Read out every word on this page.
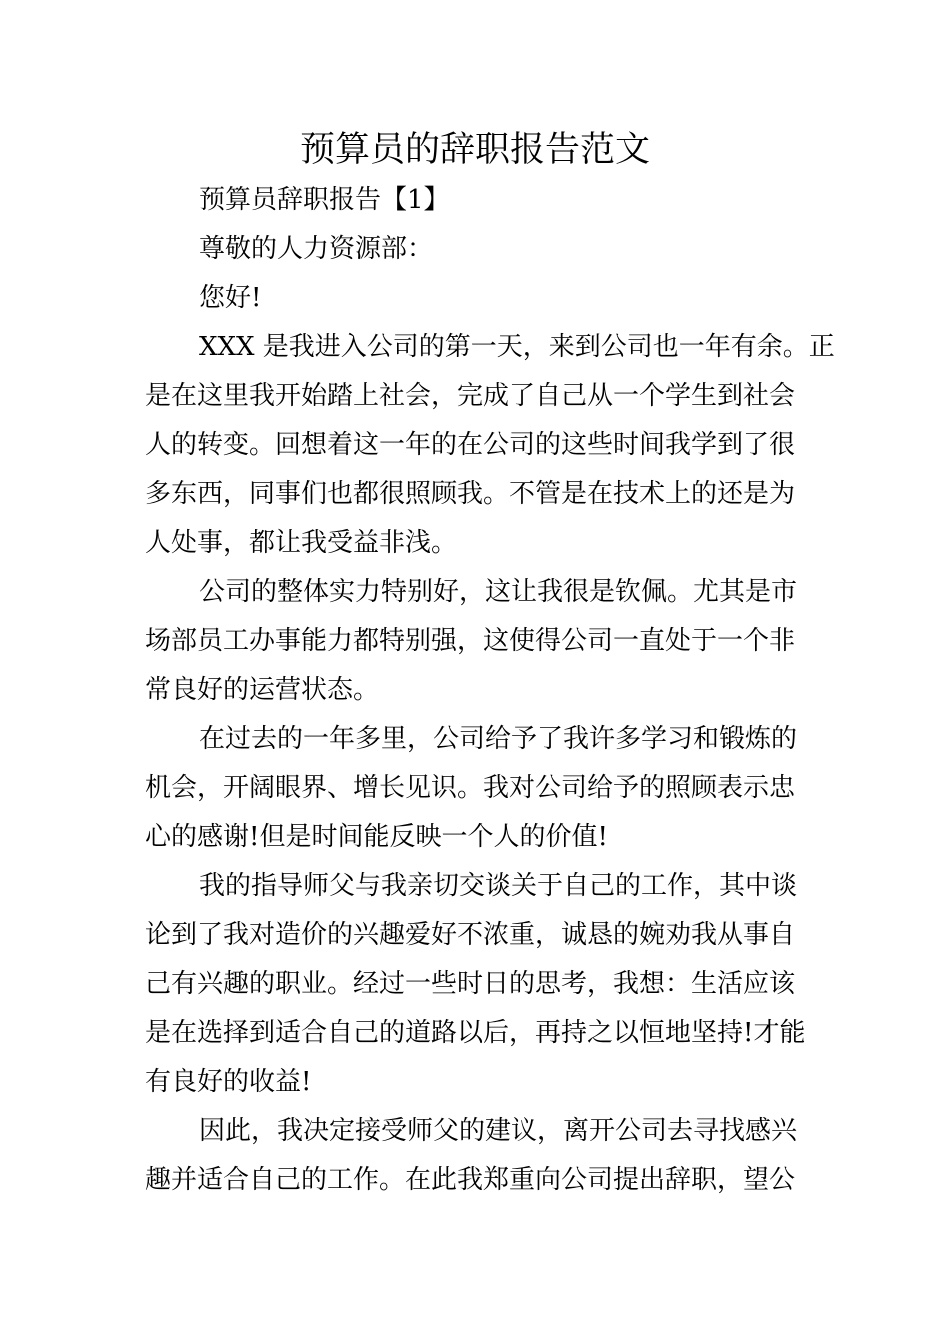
预算员的辞职报告范文
预算员辞职报告【1】
尊敬的人力资源部：
您好!
XXX 是我进入公司的第一天，来到公司也一年有余。正
是在这里我开始踏上社会，完成了自己从一个学生到社会
人的转变。回想着这一年的在公司的这些时间我学到了很
多东西，同事们也都很照顾我。不管是在技术上的还是为
人处事，都让我受益非浅。
公司的整体实力特别好，这让我很是钦佩。尤其是市
场部员工办事能力都特别强，这使得公司一直处于一个非
常良好的运营状态。
在过去的一年多里，公司给予了我许多学习和锻炼的
机会，开阔眼界、增长见识。我对公司给予的照顾表示忠
心的感谢!但是时间能反映一个人的价值!
我的指导师父与我亲切交谈关于自己的工作，其中谈
论到了我对造价的兴趣爱好不浓重，诚恳的婉劝我从事自
己有兴趣的职业。经过一些时日的思考，我想：生活应该
是在选择到适合自己的道路以后，再持之以恒地坚持!才能
有良好的收益!
因此，我决定接受师父的建议，离开公司去寻找感兴
趣并适合自己的工作。在此我郑重向公司提出辞职，望公
